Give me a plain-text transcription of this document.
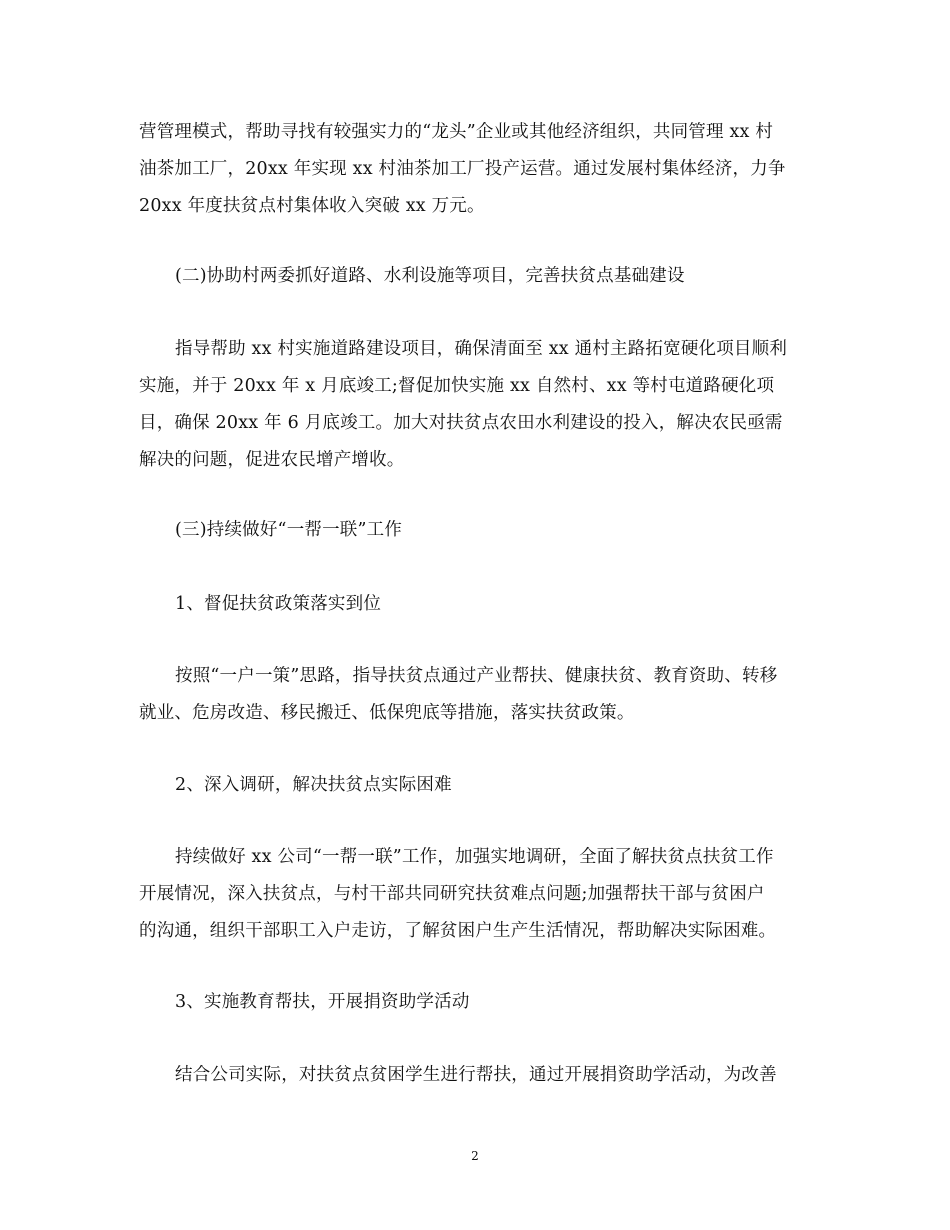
营管理模式，帮助寻找有较强实力的“龙头”企业或其他经济组织，共同管理 xx 村
油茶加工厂，20xx 年实现 xx 村油茶加工厂投产运营。通过发展村集体经济，力争
20xx 年度扶贫点村集体收入突破 xx 万元。

(二)协助村两委抓好道路、水利设施等项目，完善扶贫点基础建设

指导帮助 xx 村实施道路建设项目，确保清面至 xx 通村主路拓宽硬化项目顺利
实施，并于 20xx 年 x 月底竣工;督促加快实施 xx 自然村、xx 等村屯道路硬化项
目，确保 20xx 年 6 月底竣工。加大对扶贫点农田水利建设的投入，解决农民亟需
解决的问题，促进农民增产增收。

(三)持续做好“一帮一联”工作

1、督促扶贫政策落实到位

按照“一户一策”思路，指导扶贫点通过产业帮扶、健康扶贫、教育资助、转移
就业、危房改造、移民搬迁、低保兜底等措施，落实扶贫政策。

2、深入调研，解决扶贫点实际困难

持续做好 xx 公司“一帮一联”工作，加强实地调研，全面了解扶贫点扶贫工作
开展情况，深入扶贫点，与村干部共同研究扶贫难点问题;加强帮扶干部与贫困户
的沟通，组织干部职工入户走访，了解贫困户生产生活情况，帮助解决实际困难。

3、实施教育帮扶，开展捐资助学活动

结合公司实际，对扶贫点贫困学生进行帮扶，通过开展捐资助学活动，为改善

2
